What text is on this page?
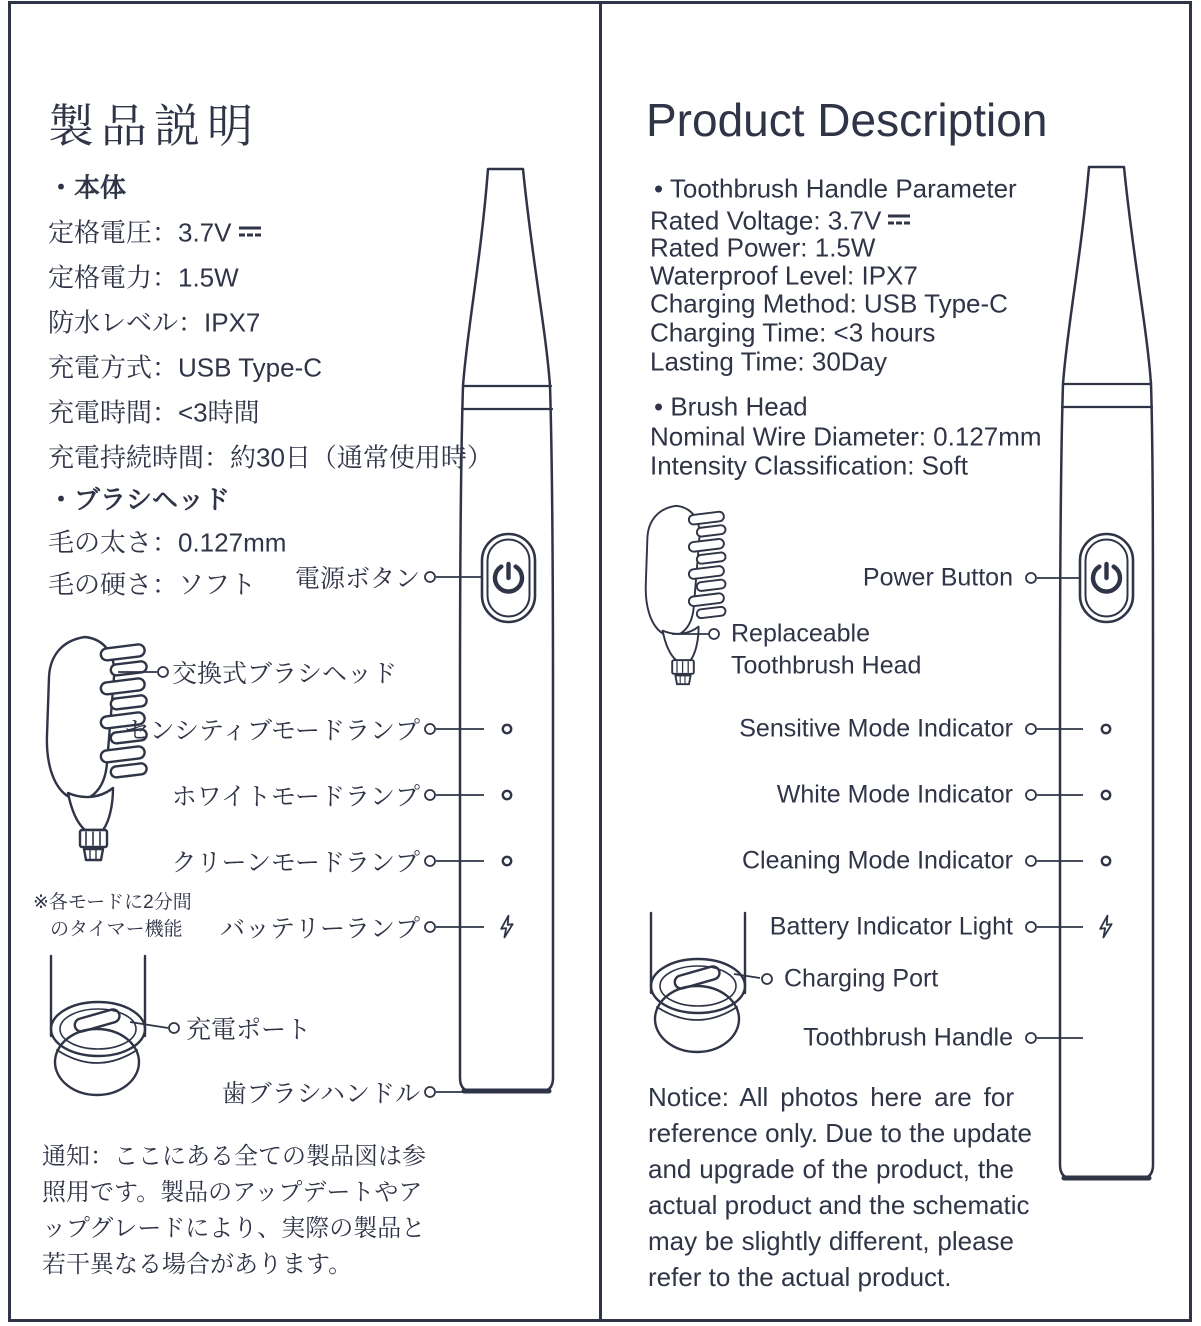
製品説明
・本体
定格電圧：3.7V
定格電力：1.5W
防水レベル：IPX7
充電方式：USB Type-C
充電時間：<3時間
充電持続時間：約30日（通常使用時）
・ブラシヘッド
毛の太さ：0.127mm
毛の硬さ：ソフト 電源ボタン
交換式ブラシヘッド
センシティブモードランプ
ホワイトモードランプ
クリーンモードランプ
バッテリーランプ
充電ポート
歯ブラシハンドル
※各モードに2分間
のタイマー機能
通知：ここにある全ての製品図は参
照用です。製品のアップデートやア
ップグレードにより、実際の製品と
若干異なる場合があります。
Product Description
• Toothbrush Handle Parameter
Rated Voltage: 3.7V
Rated Power: 1.5W
Waterproof Level: IPX7
Charging Method: USB Type-C
Charging Time: <3 hours
Lasting Time: 30Day
• Brush Head
Nominal Wire Diameter: 0.127mm
Intensity Classification: Soft
Power Button
Replaceable
Toothbrush Head
Sensitive Mode Indicator
White Mode Indicator
Cleaning Mode Indicator
Battery Indicator Light
Charging Port
Toothbrush Handle
Notice: All photos here are for
reference only. Due to the update
and upgrade of the product, the
actual product and the schematic
may be slightly different, please
refer to the actual product.
